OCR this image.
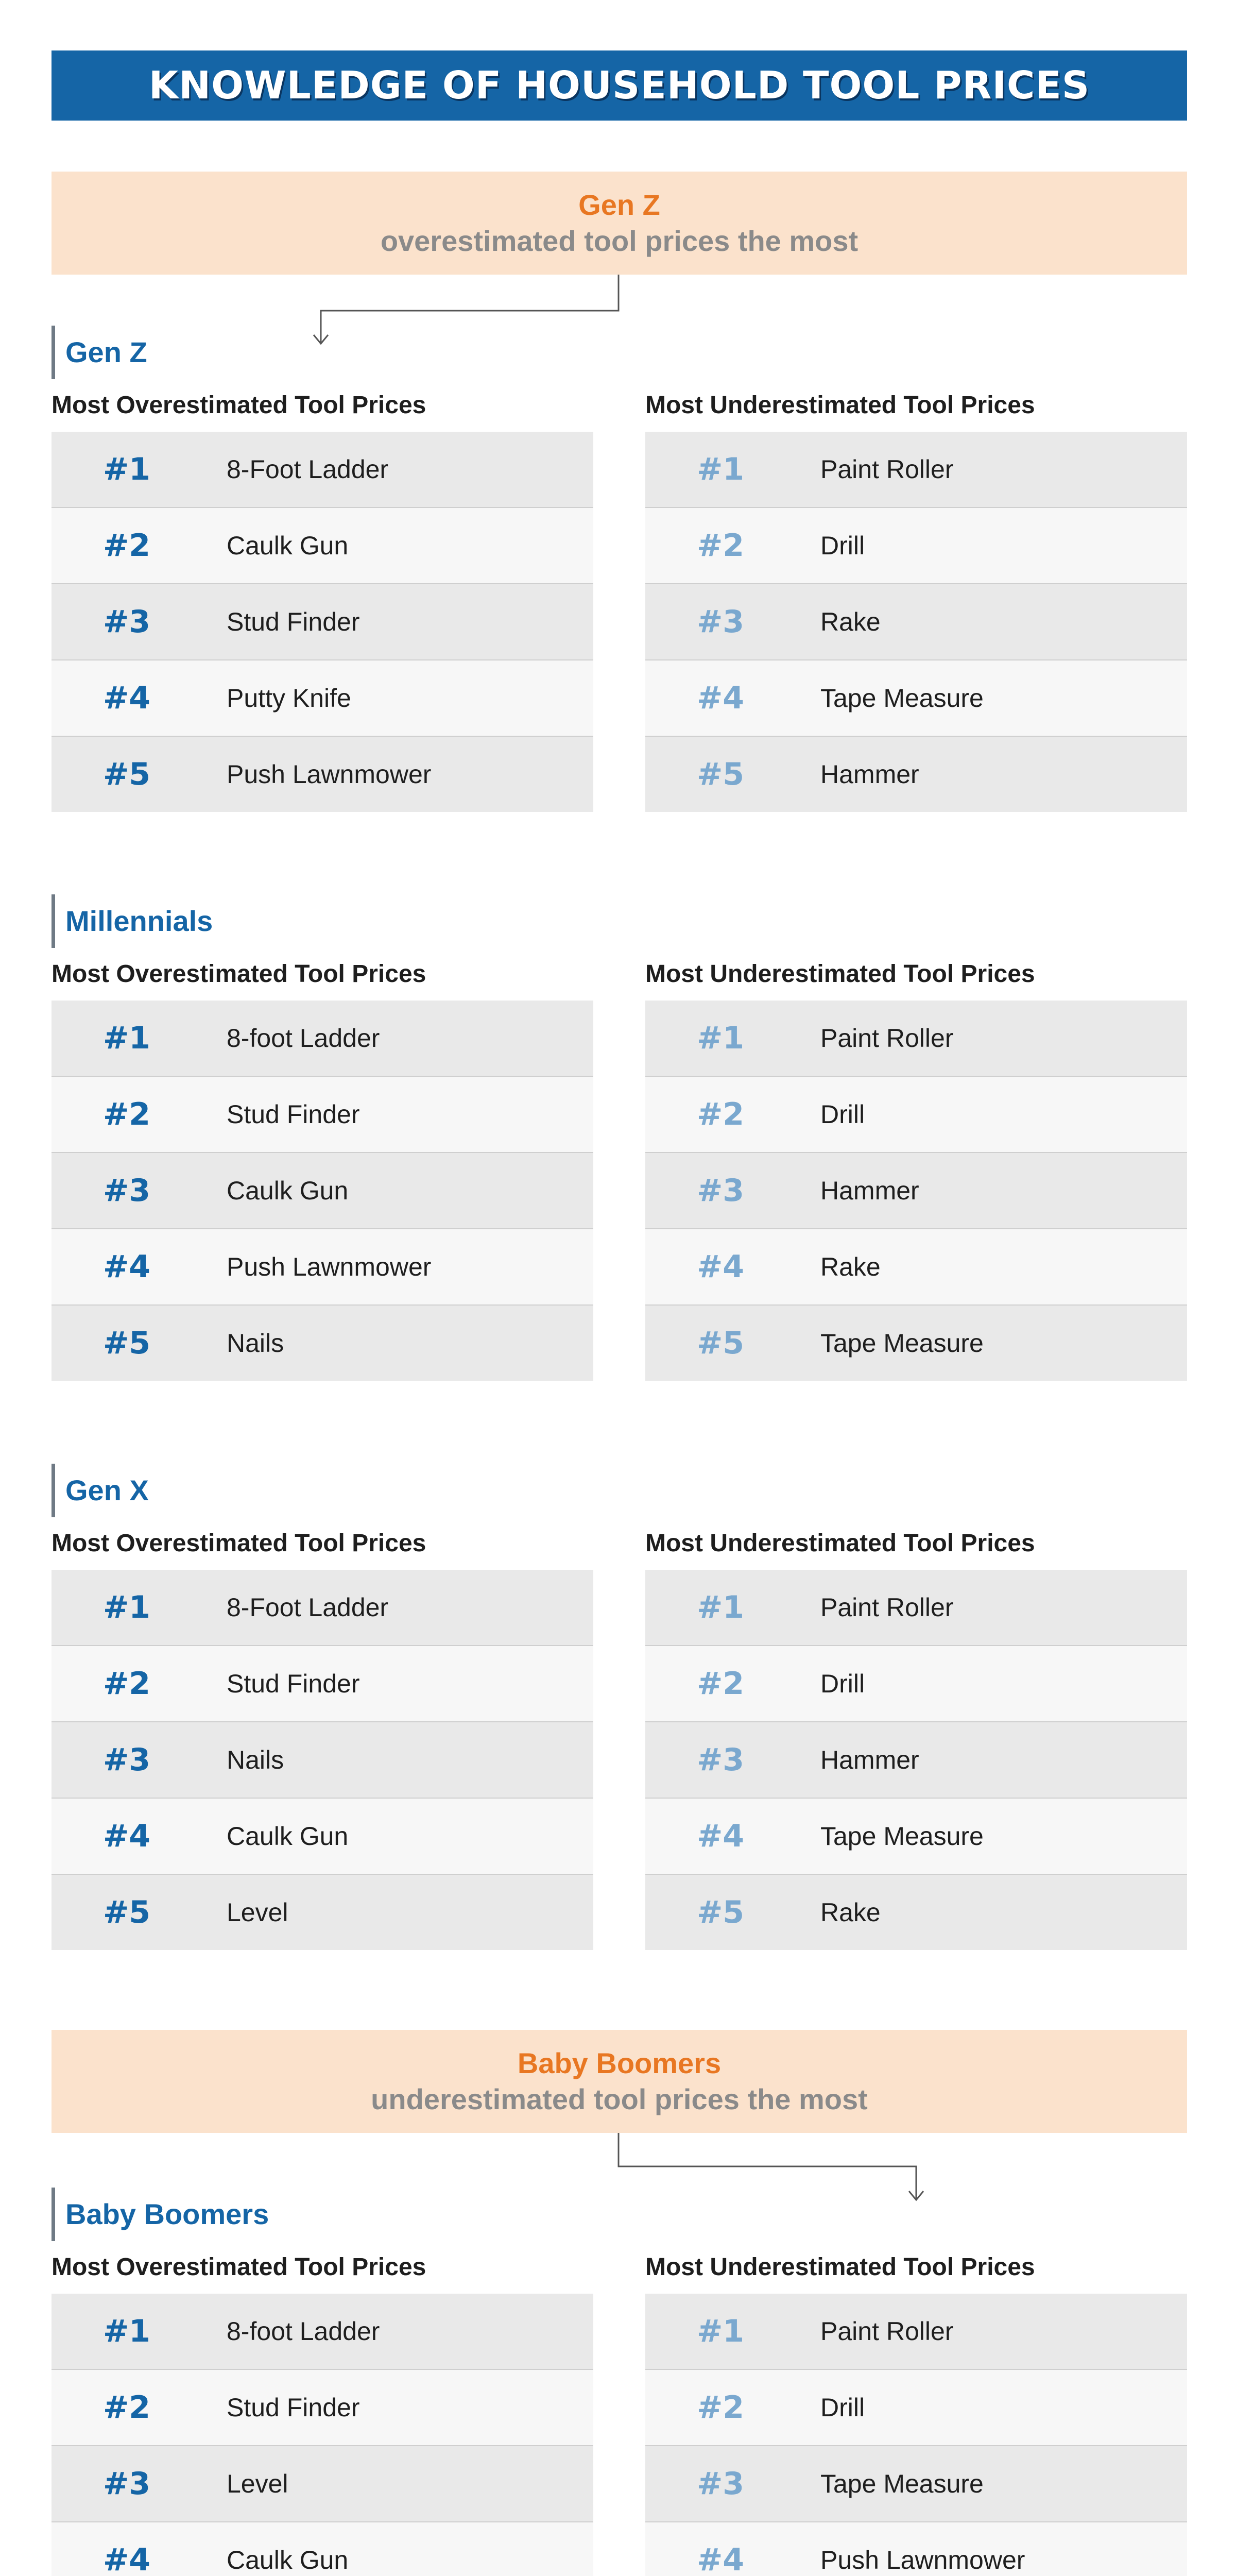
KNOWLEDGE OF HOUSEHOLD TOOL PRICES
Gen Z
overestimated tool prices the most
Gen Z
Most Overestimated Tool Prices	Most Underestimated Tool Prices
#1	8-Foot Ladder
#2	Caulk Gun
#3	Stud Finder
#4	Putty Knife
#5	Push Lawnmower
#1	Paint Roller
#2	Drill
#3	Rake
#4	Tape Measure
#5	Hammer
Millennials
Most Overestimated Tool Prices	Most Underestimated Tool Prices
#1	8-foot Ladder
#2	Stud Finder
#3	Caulk Gun
#4	Push Lawnmower
#5	Nails
#1	Paint Roller
#2	Drill
#3	Hammer
#4	Rake
#5	Tape Measure
Gen X
Most Overestimated Tool Prices	Most Underestimated Tool Prices
#1	8-Foot Ladder
#2	Stud Finder
#3	Nails
#4	Caulk Gun
#5	Level
#1	Paint Roller
#2	Drill
#3	Hammer
#4	Tape Measure
#5	Rake
Baby Boomers
underestimated tool prices the most
Baby Boomers
Most Overestimated Tool Prices	Most Underestimated Tool Prices
#1	8-foot Ladder
#2	Stud Finder
#3	Level
#4	Caulk Gun
#1	Paint Roller
#2	Drill
#3	Tape Measure
#4	Push Lawnmower
